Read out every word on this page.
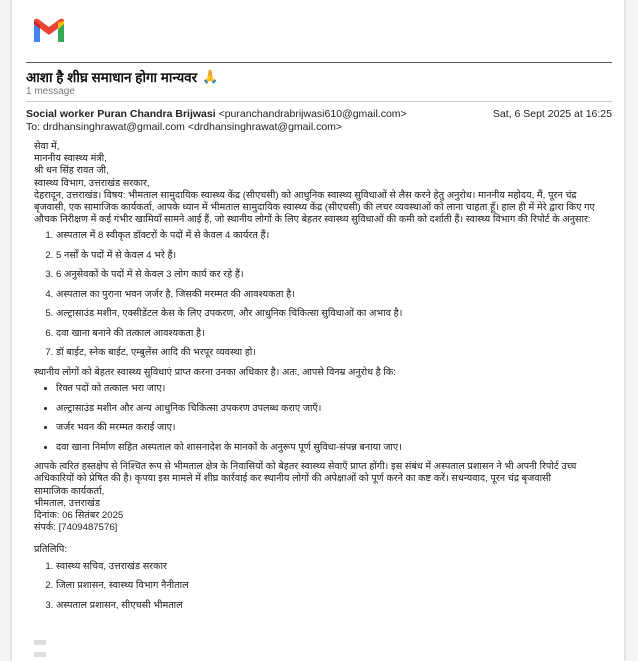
आशा है शीघ्र समाधान होगा मान्यवर 🙏
1 message
Social worker Puran Chandra Brijwasi <puranchandrabrijwasi610@gmail.com>	Sat, 6 Sept 2025 at 16:25
To: drdhansinghrawat@gmail.com <drdhansinghrawat@gmail.com>

सेवा में,

माननीय स्वास्थ्य मंत्री,

श्री धन सिंह रावत जी,

स्वास्थ्य विभाग, उत्तराखंड सरकार,

देहरादून, उत्तराखंड। विषय: भीमताल सामुदायिक स्वास्थ्य केंद्र (सीएचसी) को आधुनिक स्वास्थ्य सुविधाओं से लैस करने हेतु अनुरोध। माननीय महोदय, मैं, पूरन चंद्र बृजवासी, एक सामाजिक कार्यकर्ता, आपके ध्यान में भीमताल सामुदायिक स्वास्थ्य केंद्र (सीएचसी) की लचर व्यवस्थाओं को लाना चाहता हूँ। हाल ही में मेरे द्वारा किए गए औचक निरीक्षण में कई गंभीर खामियाँ सामने आई हैं, जो स्थानीय लोगों के लिए बेहतर स्वास्थ्य सुविधाओं की कमी को दर्शाती हैं। स्वास्थ्य विभाग की रिपोर्ट के अनुसार:

1. अस्पताल में 8 स्वीकृत डॉक्टरों के पदों में से केवल 4 कार्यरत हैं।
2. 5 नर्सों के पदों में से केवल 4 भरे हैं।
3. 6 अनुसेवकों के पदों में से केवल 3 लोग कार्य कर रहे हैं।
4. अस्पताल का पुराना भवन जर्जर है, जिसकी मरम्मत की आवश्यकता है।
5. अल्ट्रासाउंड मशीन, एक्सीडेंटल केस के लिए उपकरण, और आधुनिक चिकित्सा सुविधाओं का अभाव है।
6. दवा खाना बनाने की तत्काल आवश्यकता है।
7. डॉ बाईट, स्नेक बाईट, एम्बुलेंस आदि की भरपूर व्यवस्था हो।

स्थानीय लोगों को बेहतर स्वास्थ्य सुविधाएं प्राप्त करना उनका अधिकार है। अतः, आपसे विनम्र अनुरोध है कि:

• रिक्त पदों को तत्काल भरा जाए।
• अल्ट्रासाउंड मशीन और अन्य आधुनिक चिकित्सा उपकरण उपलब्ध कराए जाएँ।
• जर्जर भवन की मरम्मत कराई जाए।
• दवा खाना निर्माण सहित अस्पताल को शासनादेश के मानकों के अनुरूप पूर्ण सुविधा-संपन्न बनाया जाए।

आपके त्वरित हस्तक्षेप से निश्चित रूप से भीमताल क्षेत्र के निवासियों को बेहतर स्वास्थ्य सेवाएँ प्राप्त होंगी। इस संबंध में अस्पताल प्रशासन ने भी अपनी रिपोर्ट उच्च अधिकारियों को प्रेषित की है। कृपया इस मामले में शीघ्र कार्रवाई कर स्थानीय लोगों की अपेक्षाओं को पूर्ण करने का कष्ट करें। सधन्यवाद, पूरन चंद्र बृजवासी

सामाजिक कार्यकर्ता,

भीमताल, उत्तराखंड

दिनांक: 06 सितंबर 2025

संपर्क: [7409487576]

प्रतिलिपि:

1. स्वास्थ्य सचिव, उत्तराखंड सरकार
2. जिला प्रशासन, स्वास्थ्य विभाग नैनीताल
3. अस्पताल प्रशासन, सीएचसी भीमताल
